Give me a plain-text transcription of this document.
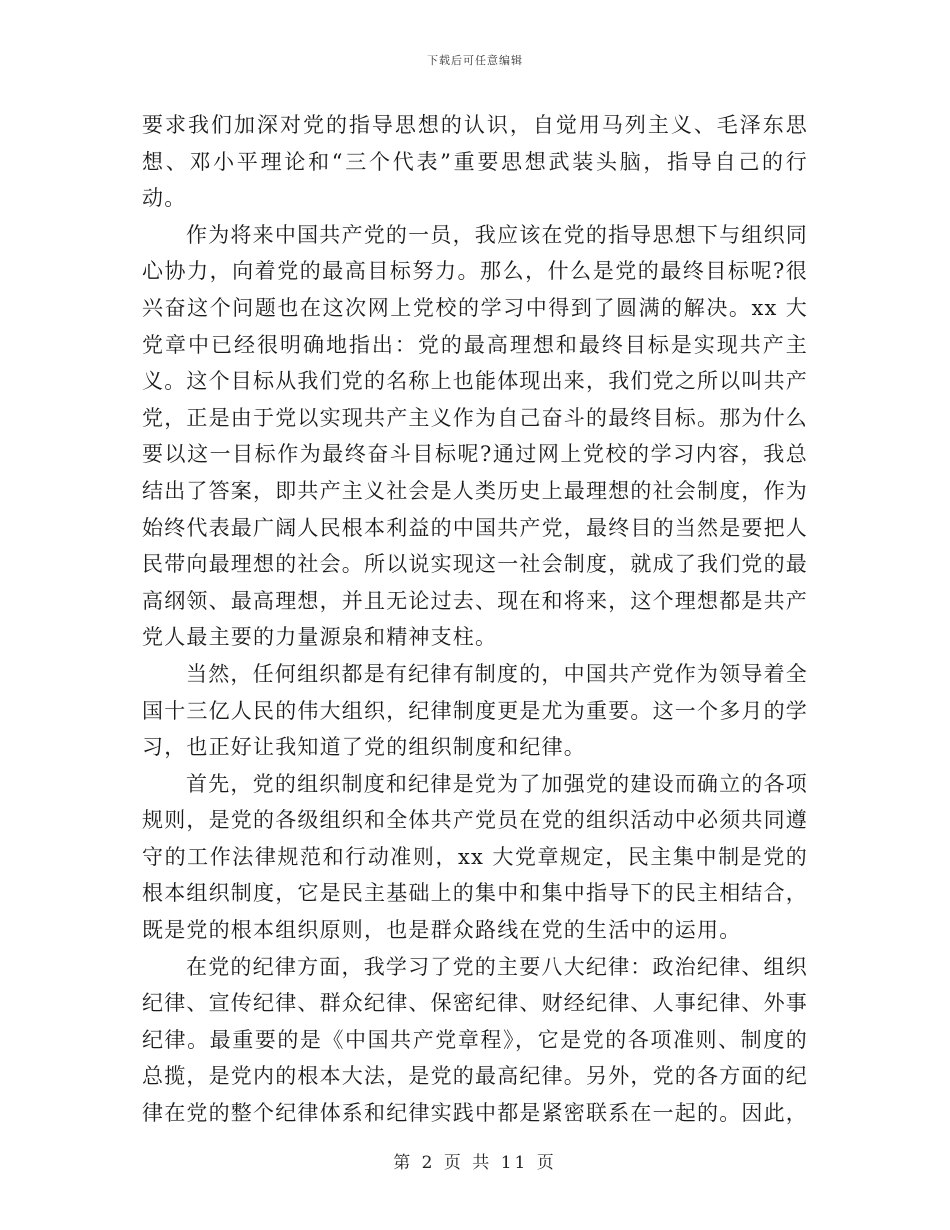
下载后可任意编辑

要求我们加深对党的指导思想的认识，自觉用马列主义、毛泽东思想、邓小平理论和“三个代表”重要思想武装头脑，指导自己的行动。

作为将来中国共产党的一员，我应该在党的指导思想下与组织同心协力，向着党的最高目标努力。那么，什么是党的最终目标呢?很兴奋这个问题也在这次网上党校的学习中得到了圆满的解决。xx 大党章中已经很明确地指出：党的最高理想和最终目标是实现共产主义。这个目标从我们党的名称上也能体现出来，我们党之所以叫共产党，正是由于党以实现共产主义作为自己奋斗的最终目标。那为什么要以这一目标作为最终奋斗目标呢?通过网上党校的学习内容，我总结出了答案，即共产主义社会是人类历史上最理想的社会制度，作为始终代表最广阔人民根本利益的中国共产党，最终目的当然是要把人民带向最理想的社会。所以说实现这一社会制度，就成了我们党的最高纲领、最高理想，并且无论过去、现在和将来，这个理想都是共产党人最主要的力量源泉和精神支柱。

当然，任何组织都是有纪律有制度的，中国共产党作为领导着全国十三亿人民的伟大组织，纪律制度更是尤为重要。这一个多月的学习，也正好让我知道了党的组织制度和纪律。

首先，党的组织制度和纪律是党为了加强党的建设而确立的各项规则，是党的各级组织和全体共产党员在党的组织活动中必须共同遵守的工作法律规范和行动准则，xx 大党章规定，民主集中制是党的根本组织制度，它是民主基础上的集中和集中指导下的民主相结合，既是党的根本组织原则，也是群众路线在党的生活中的运用。

在党的纪律方面，我学习了党的主要八大纪律：政治纪律、组织纪律、宣传纪律、群众纪律、保密纪律、财经纪律、人事纪律、外事纪律。最重要的是《中国共产党章程》，它是党的各项准则、制度的总揽，是党内的根本大法，是党的最高纪律。另外，党的各方面的纪律在党的整个纪律体系和纪律实践中都是紧密联系在一起的。因此，

第 2 页 共 11 页
